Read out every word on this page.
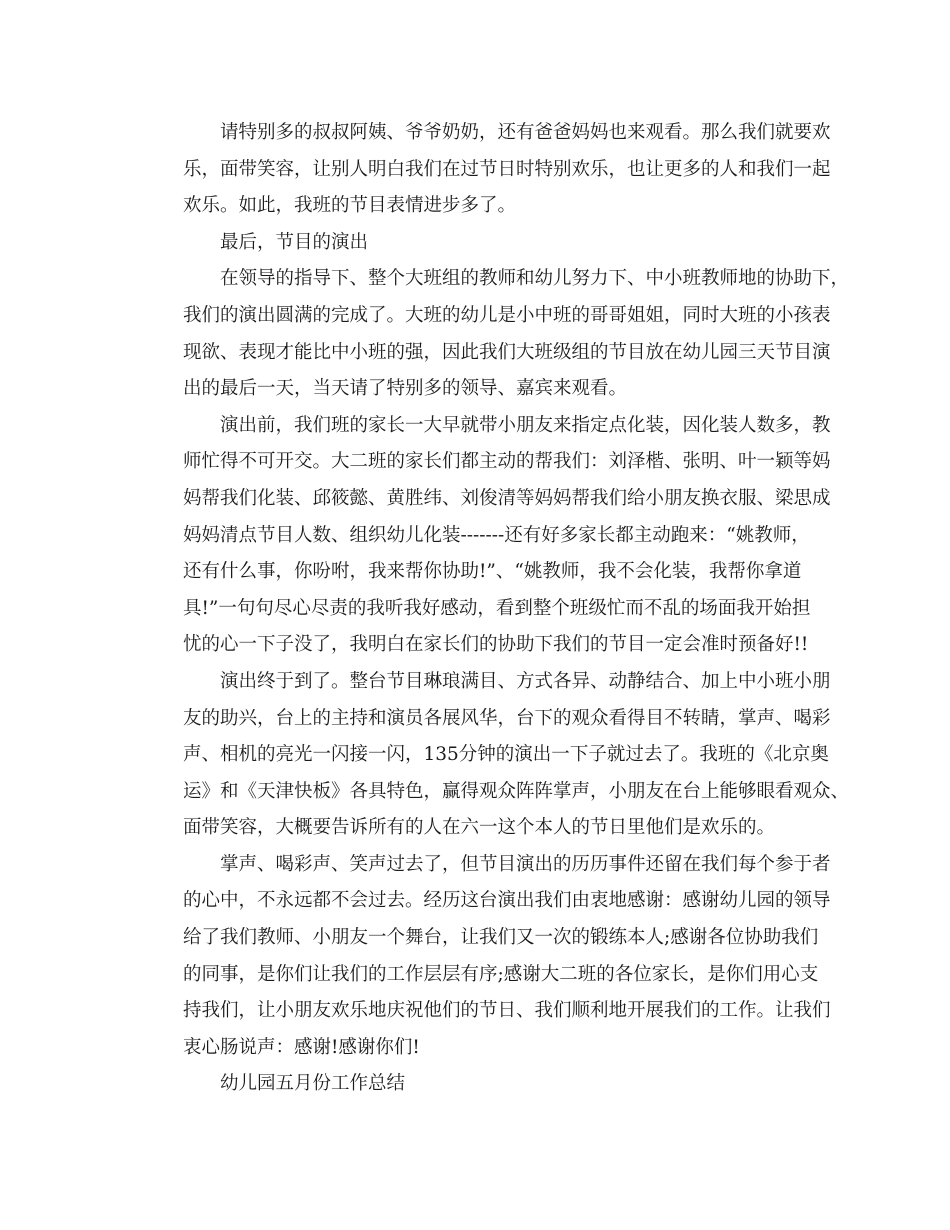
请特别多的叔叔阿姨、爷爷奶奶，还有爸爸妈妈也来观看。那么我们就要欢
乐，面带笑容，让别人明白我们在过节日时特别欢乐，也让更多的人和我们一起
欢乐。如此，我班的节目表情进步多了。

最后，节目的演出

在领导的指导下、整个大班组的教师和幼儿努力下、中小班教师地的协助下，
我们的演出圆满的完成了。大班的幼儿是小中班的哥哥姐姐，同时大班的小孩表
现欲、表现才能比中小班的强，因此我们大班级组的节目放在幼儿园三天节目演
出的最后一天，当天请了特别多的领导、嘉宾来观看。

演出前，我们班的家长一大早就带小朋友来指定点化装，因化装人数多，教
师忙得不可开交。大二班的家长们都主动的帮我们：刘泽楷、张明、叶一颖等妈
妈帮我们化装、邱筱懿、黄胜纬、刘俊清等妈妈帮我们给小朋友换衣服、梁思成
妈妈清点节目人数、组织幼儿化装-------还有好多家长都主动跑来：“姚教师，
还有什么事，你吩咐，我来帮你协助!”、“姚教师，我不会化装，我帮你拿道
具!”一句句尽心尽责的我听我好感动，看到整个班级忙而不乱的场面我开始担
忧的心一下子没了，我明白在家长们的协助下我们的节目一定会准时预备好!!

演出终于到了。整台节目琳琅满目、方式各异、动静结合、加上中小班小朋
友的助兴，台上的主持和演员各展风华，台下的观众看得目不转睛，掌声、喝彩
声、相机的亮光一闪接一闪，135分钟的演出一下子就过去了。我班的《北京奥
运》和《天津快板》各具特色，赢得观众阵阵掌声，小朋友在台上能够眼看观众、
面带笑容，大概要告诉所有的人在六一这个本人的节日里他们是欢乐的。

掌声、喝彩声、笑声过去了，但节目演出的历历事件还留在我们每个参于者
的心中，不永远都不会过去。经历这台演出我们由衷地感谢：感谢幼儿园的领导
给了我们教师、小朋友一个舞台，让我们又一次的锻练本人;感谢各位协助我们
的同事，是你们让我们的工作层层有序;感谢大二班的各位家长，是你们用心支
持我们，让小朋友欢乐地庆祝他们的节日、我们顺利地开展我们的工作。让我们
衷心肠说声：感谢!感谢你们!

幼儿园五月份工作总结
